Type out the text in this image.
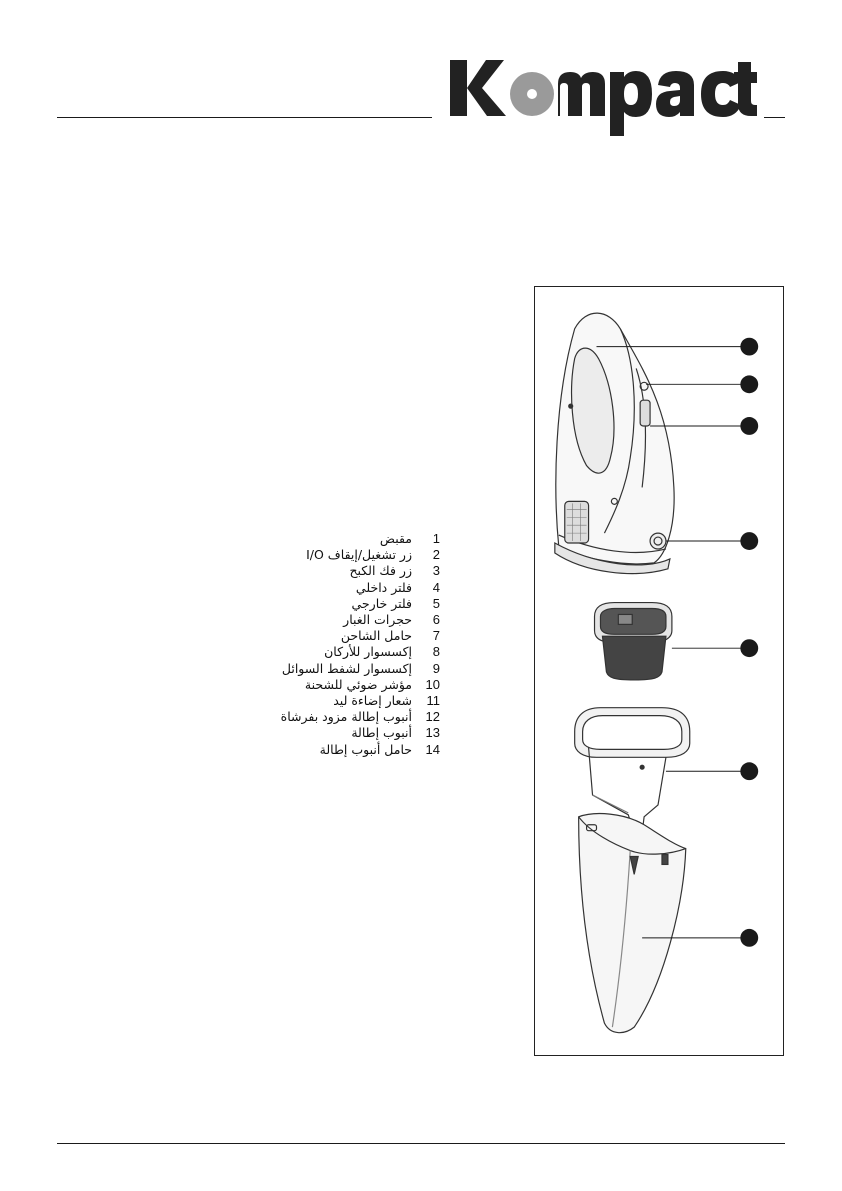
مقبض	1
زر تشغيل/إيقاف I/O	2
زر فك الكبح	3
فلتر داخلي	4
فلتر خارجي	5
حجرات الغبار	6
حامل الشاحن	7
إكسسوار للأركان	8
إكسسوار لشفط السوائل	9
مؤشر ضوئي للشحنة	10
شعار إضاءة ليد	11
أنبوب إطالة مزود بفرشاة	12
أنبوب إطالة	13
حامل أنبوب إطالة	14
